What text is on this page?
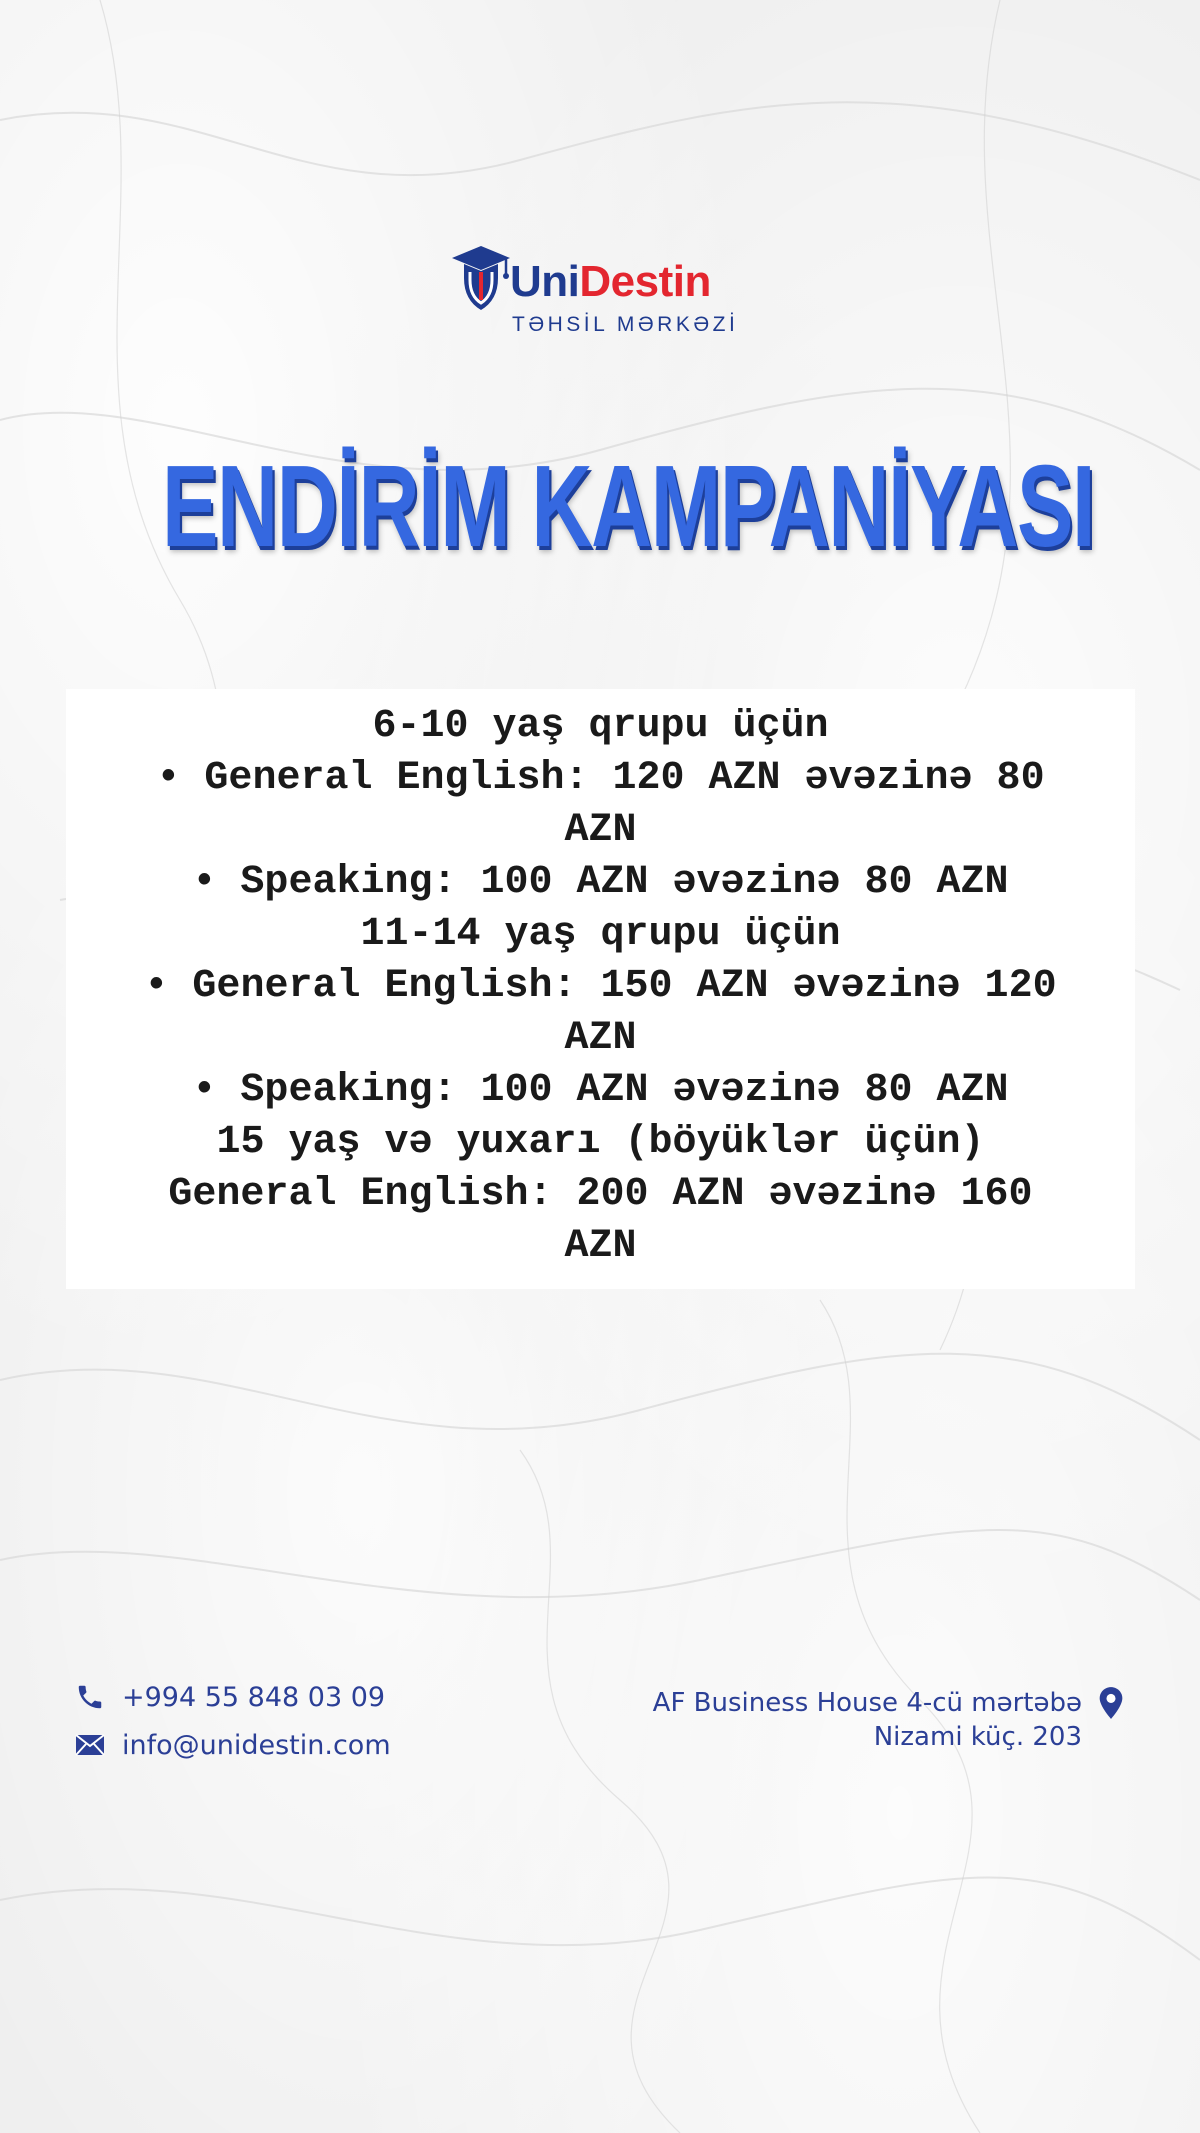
UniDestin
TƏHSİL MƏRKƏZİ
ENDİRİM KAMPANİYASI
6-10 yaş qrupu üçün
• General English: 120 AZN əvəzinə 80
AZN
• Speaking: 100 AZN əvəzinə 80 AZN
11-14 yaş qrupu üçün
• General English: 150 AZN əvəzinə 120
AZN
• Speaking: 100 AZN əvəzinə 80 AZN
15 yaş və yuxarı (böyüklər üçün)
General English: 200 AZN əvəzinə 160
AZN
+994 55 848 03 09
info@unidestin.com
AF Business House 4-cü mərtəbə
Nizami küç. 203
